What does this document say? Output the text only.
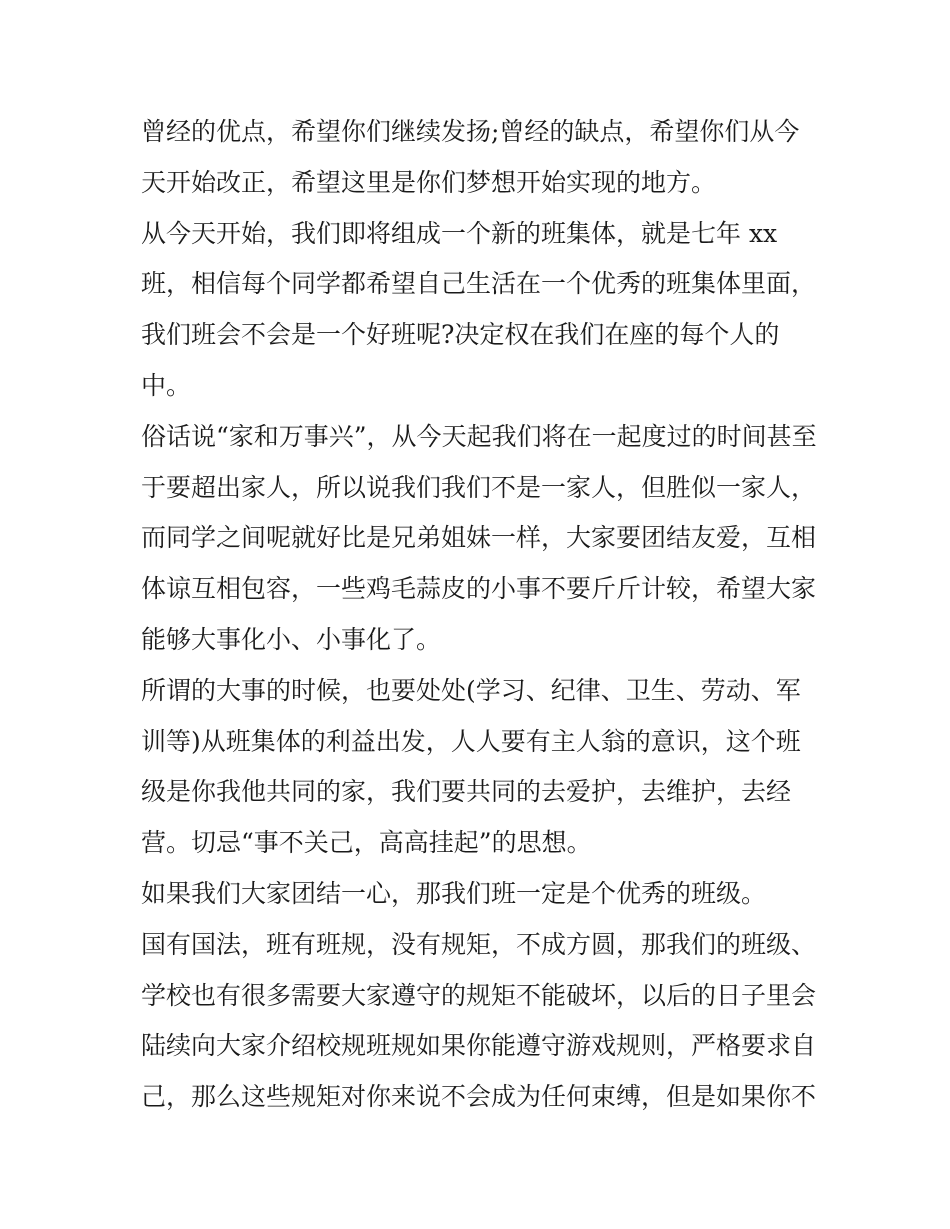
曾经的优点，希望你们继续发扬;曾经的缺点，希望你们从今
天开始改正，希望这里是你们梦想开始实现的地方。
从今天开始，我们即将组成一个新的班集体，就是七年 xx
班，相信每个同学都希望自己生活在一个优秀的班集体里面，
我们班会不会是一个好班呢?决定权在我们在座的每个人的
中。
俗话说“家和万事兴”，从今天起我们将在一起度过的时间甚至
于要超出家人，所以说我们我们不是一家人，但胜似一家人，
而同学之间呢就好比是兄弟姐妹一样，大家要团结友爱，互相
体谅互相包容，一些鸡毛蒜皮的小事不要斤斤计较，希望大家
能够大事化小、小事化了。
所谓的大事的时候，也要处处(学习、纪律、卫生、劳动、军
训等)从班集体的利益出发，人人要有主人翁的意识，这个班
级是你我他共同的家，我们要共同的去爱护，去维护，去经
营。切忌“事不关己，高高挂起”的思想。
如果我们大家团结一心，那我们班一定是个优秀的班级。
国有国法，班有班规，没有规矩，不成方圆，那我们的班级、
学校也有很多需要大家遵守的规矩不能破坏，以后的日子里会
陆续向大家介绍校规班规如果你能遵守游戏规则，严格要求自
己，那么这些规矩对你来说不会成为任何束缚，但是如果你不
